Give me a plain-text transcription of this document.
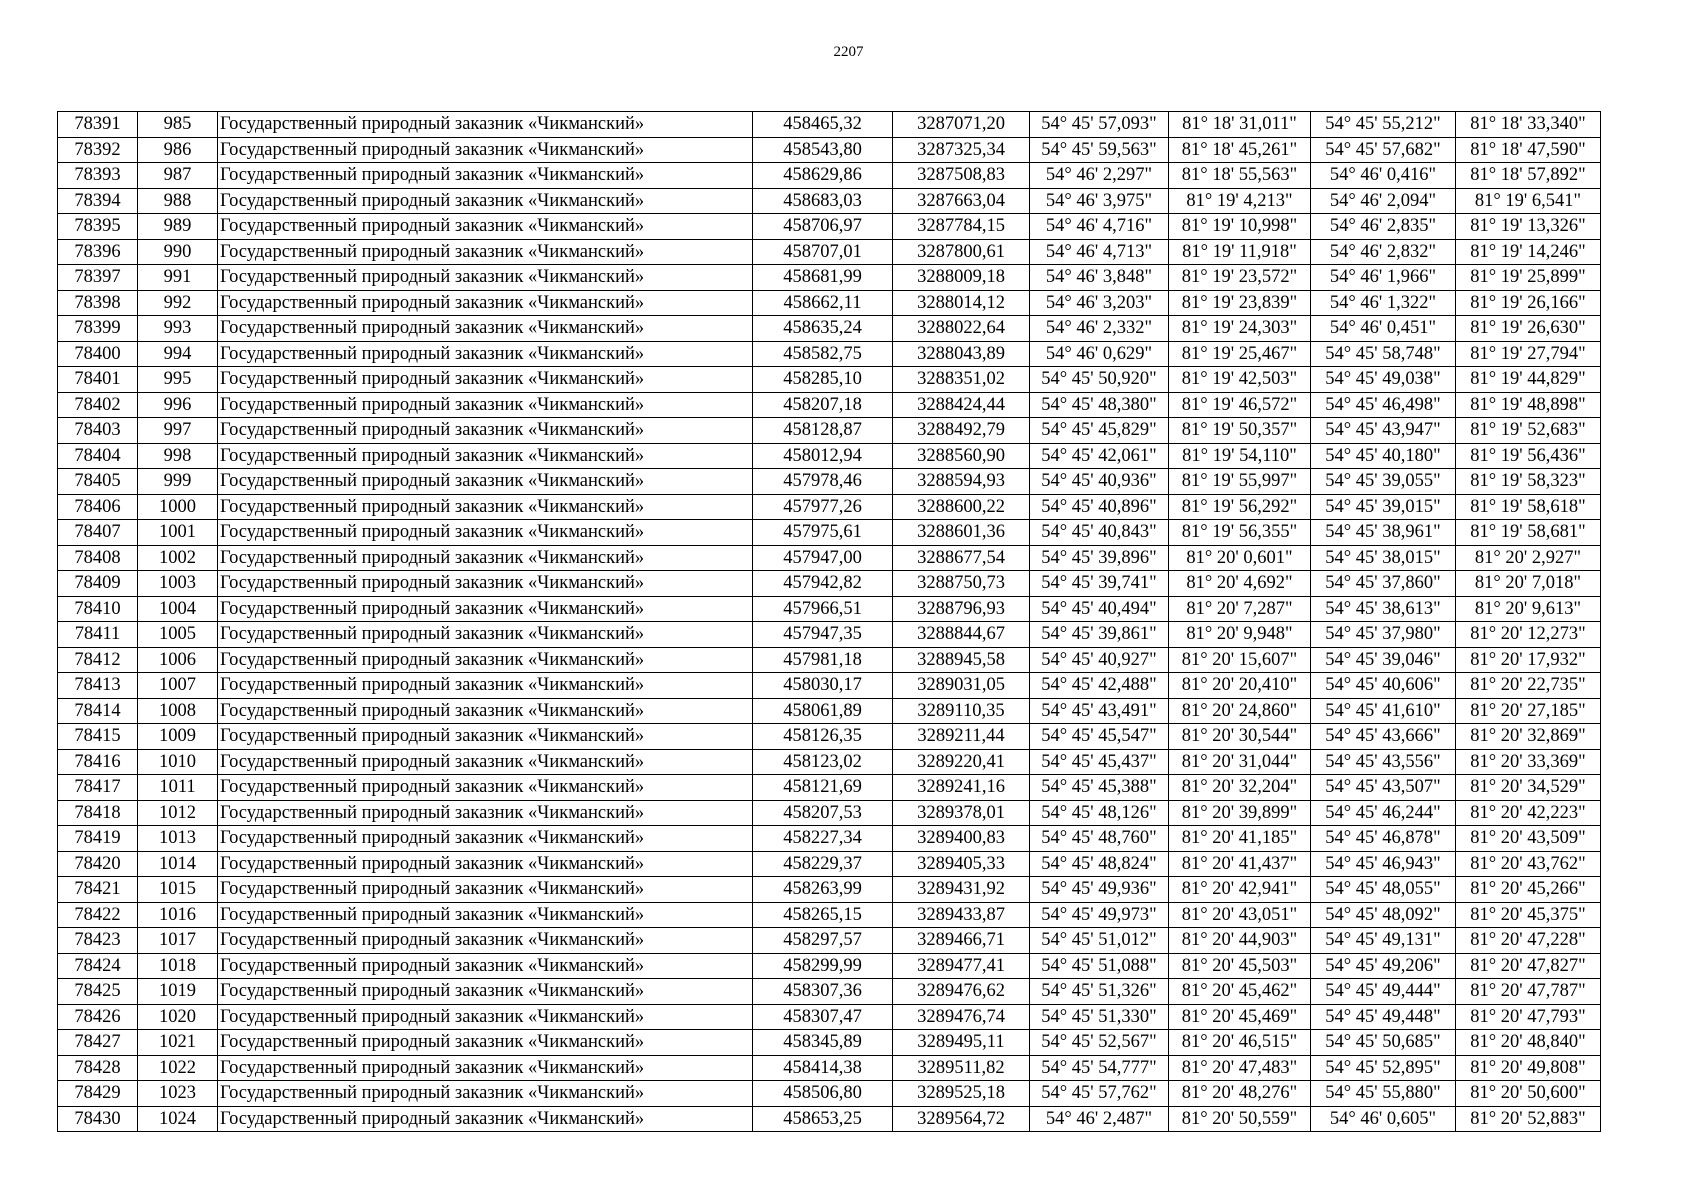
2207
78391	985	Государственный природный заказник «Чикманский»	458465,32	3287071,20	54° 45' 57,093"	81° 18' 31,011"	54° 45' 55,212"	81° 18' 33,340"
78392	986	Государственный природный заказник «Чикманский»	458543,80	3287325,34	54° 45' 59,563"	81° 18' 45,261"	54° 45' 57,682"	81° 18' 47,590"
78393	987	Государственный природный заказник «Чикманский»	458629,86	3287508,83	54° 46' 2,297"	81° 18' 55,563"	54° 46' 0,416"	81° 18' 57,892"
78394	988	Государственный природный заказник «Чикманский»	458683,03	3287663,04	54° 46' 3,975"	81° 19' 4,213"	54° 46' 2,094"	81° 19' 6,541"
78395	989	Государственный природный заказник «Чикманский»	458706,97	3287784,15	54° 46' 4,716"	81° 19' 10,998"	54° 46' 2,835"	81° 19' 13,326"
78396	990	Государственный природный заказник «Чикманский»	458707,01	3287800,61	54° 46' 4,713"	81° 19' 11,918"	54° 46' 2,832"	81° 19' 14,246"
78397	991	Государственный природный заказник «Чикманский»	458681,99	3288009,18	54° 46' 3,848"	81° 19' 23,572"	54° 46' 1,966"	81° 19' 25,899"
78398	992	Государственный природный заказник «Чикманский»	458662,11	3288014,12	54° 46' 3,203"	81° 19' 23,839"	54° 46' 1,322"	81° 19' 26,166"
78399	993	Государственный природный заказник «Чикманский»	458635,24	3288022,64	54° 46' 2,332"	81° 19' 24,303"	54° 46' 0,451"	81° 19' 26,630"
78400	994	Государственный природный заказник «Чикманский»	458582,75	3288043,89	54° 46' 0,629"	81° 19' 25,467"	54° 45' 58,748"	81° 19' 27,794"
78401	995	Государственный природный заказник «Чикманский»	458285,10	3288351,02	54° 45' 50,920"	81° 19' 42,503"	54° 45' 49,038"	81° 19' 44,829"
78402	996	Государственный природный заказник «Чикманский»	458207,18	3288424,44	54° 45' 48,380"	81° 19' 46,572"	54° 45' 46,498"	81° 19' 48,898"
78403	997	Государственный природный заказник «Чикманский»	458128,87	3288492,79	54° 45' 45,829"	81° 19' 50,357"	54° 45' 43,947"	81° 19' 52,683"
78404	998	Государственный природный заказник «Чикманский»	458012,94	3288560,90	54° 45' 42,061"	81° 19' 54,110"	54° 45' 40,180"	81° 19' 56,436"
78405	999	Государственный природный заказник «Чикманский»	457978,46	3288594,93	54° 45' 40,936"	81° 19' 55,997"	54° 45' 39,055"	81° 19' 58,323"
78406	1000	Государственный природный заказник «Чикманский»	457977,26	3288600,22	54° 45' 40,896"	81° 19' 56,292"	54° 45' 39,015"	81° 19' 58,618"
78407	1001	Государственный природный заказник «Чикманский»	457975,61	3288601,36	54° 45' 40,843"	81° 19' 56,355"	54° 45' 38,961"	81° 19' 58,681"
78408	1002	Государственный природный заказник «Чикманский»	457947,00	3288677,54	54° 45' 39,896"	81° 20' 0,601"	54° 45' 38,015"	81° 20' 2,927"
78409	1003	Государственный природный заказник «Чикманский»	457942,82	3288750,73	54° 45' 39,741"	81° 20' 4,692"	54° 45' 37,860"	81° 20' 7,018"
78410	1004	Государственный природный заказник «Чикманский»	457966,51	3288796,93	54° 45' 40,494"	81° 20' 7,287"	54° 45' 38,613"	81° 20' 9,613"
78411	1005	Государственный природный заказник «Чикманский»	457947,35	3288844,67	54° 45' 39,861"	81° 20' 9,948"	54° 45' 37,980"	81° 20' 12,273"
78412	1006	Государственный природный заказник «Чикманский»	457981,18	3288945,58	54° 45' 40,927"	81° 20' 15,607"	54° 45' 39,046"	81° 20' 17,932"
78413	1007	Государственный природный заказник «Чикманский»	458030,17	3289031,05	54° 45' 42,488"	81° 20' 20,410"	54° 45' 40,606"	81° 20' 22,735"
78414	1008	Государственный природный заказник «Чикманский»	458061,89	3289110,35	54° 45' 43,491"	81° 20' 24,860"	54° 45' 41,610"	81° 20' 27,185"
78415	1009	Государственный природный заказник «Чикманский»	458126,35	3289211,44	54° 45' 45,547"	81° 20' 30,544"	54° 45' 43,666"	81° 20' 32,869"
78416	1010	Государственный природный заказник «Чикманский»	458123,02	3289220,41	54° 45' 45,437"	81° 20' 31,044"	54° 45' 43,556"	81° 20' 33,369"
78417	1011	Государственный природный заказник «Чикманский»	458121,69	3289241,16	54° 45' 45,388"	81° 20' 32,204"	54° 45' 43,507"	81° 20' 34,529"
78418	1012	Государственный природный заказник «Чикманский»	458207,53	3289378,01	54° 45' 48,126"	81° 20' 39,899"	54° 45' 46,244"	81° 20' 42,223"
78419	1013	Государственный природный заказник «Чикманский»	458227,34	3289400,83	54° 45' 48,760"	81° 20' 41,185"	54° 45' 46,878"	81° 20' 43,509"
78420	1014	Государственный природный заказник «Чикманский»	458229,37	3289405,33	54° 45' 48,824"	81° 20' 41,437"	54° 45' 46,943"	81° 20' 43,762"
78421	1015	Государственный природный заказник «Чикманский»	458263,99	3289431,92	54° 45' 49,936"	81° 20' 42,941"	54° 45' 48,055"	81° 20' 45,266"
78422	1016	Государственный природный заказник «Чикманский»	458265,15	3289433,87	54° 45' 49,973"	81° 20' 43,051"	54° 45' 48,092"	81° 20' 45,375"
78423	1017	Государственный природный заказник «Чикманский»	458297,57	3289466,71	54° 45' 51,012"	81° 20' 44,903"	54° 45' 49,131"	81° 20' 47,228"
78424	1018	Государственный природный заказник «Чикманский»	458299,99	3289477,41	54° 45' 51,088"	81° 20' 45,503"	54° 45' 49,206"	81° 20' 47,827"
78425	1019	Государственный природный заказник «Чикманский»	458307,36	3289476,62	54° 45' 51,326"	81° 20' 45,462"	54° 45' 49,444"	81° 20' 47,787"
78426	1020	Государственный природный заказник «Чикманский»	458307,47	3289476,74	54° 45' 51,330"	81° 20' 45,469"	54° 45' 49,448"	81° 20' 47,793"
78427	1021	Государственный природный заказник «Чикманский»	458345,89	3289495,11	54° 45' 52,567"	81° 20' 46,515"	54° 45' 50,685"	81° 20' 48,840"
78428	1022	Государственный природный заказник «Чикманский»	458414,38	3289511,82	54° 45' 54,777"	81° 20' 47,483"	54° 45' 52,895"	81° 20' 49,808"
78429	1023	Государственный природный заказник «Чикманский»	458506,80	3289525,18	54° 45' 57,762"	81° 20' 48,276"	54° 45' 55,880"	81° 20' 50,600"
78430	1024	Государственный природный заказник «Чикманский»	458653,25	3289564,72	54° 46' 2,487"	81° 20' 50,559"	54° 46' 0,605"	81° 20' 52,883"
